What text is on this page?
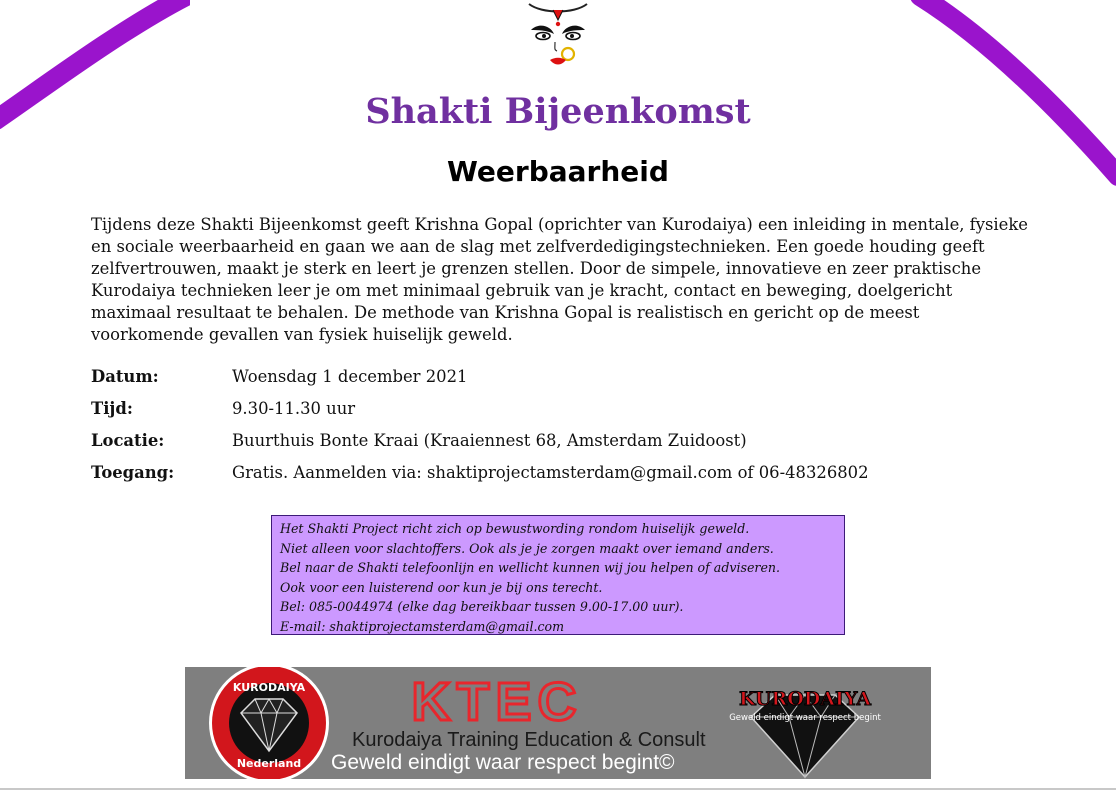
Shakti Bijeenkomst
Weerbaarheid

Tijdens deze Shakti Bijeenkomst geeft Krishna Gopal (oprichter van Kurodaiya) een inleiding in mentale, fysieke en sociale weerbaarheid en gaan we aan de slag met zelfverdedigingstechnieken. Een goede houding geeft zelfvertrouwen, maakt je sterk en leert je grenzen stellen. Door de simpele, innovatieve en zeer praktische Kurodaiya technieken leer je om met minimaal gebruik van je kracht, contact en beweging, doelgericht maximaal resultaat te behalen. De methode van Krishna Gopal is realistisch en gericht op de meest voorkomende gevallen van fysiek huiselijk geweld.

Datum:	Woensdag 1 december 2021
Tijd:	9.30-11.30 uur
Locatie:	Buurthuis Bonte Kraai (Kraaiennest 68, Amsterdam Zuidoost)
Toegang:	Gratis. Aanmelden via: shaktiprojectamsterdam@gmail.com of 06-48326802
Het Shakti Project richt zich op bewustwording rondom huiselijk geweld.
Niet alleen voor slachtoffers. Ook als je je zorgen maakt over iemand anders.
Bel naar de Shakti telefoonlijn en wellicht kunnen wij jou helpen of adviseren.
Ook voor een luisterend oor kun je bij ons terecht.
Bel: 085-0044974 (elke dag bereikbaar tussen 9.00-17.00 uur).
E-mail: shaktiprojectamsterdam@gmail.com
KURODAIYA
Nederland
KTEC
Kurodaiya Training Education & Consult
Geweld eindigt waar respect begint©
KURODAIYA
Geweld eindigt waar respect begint
